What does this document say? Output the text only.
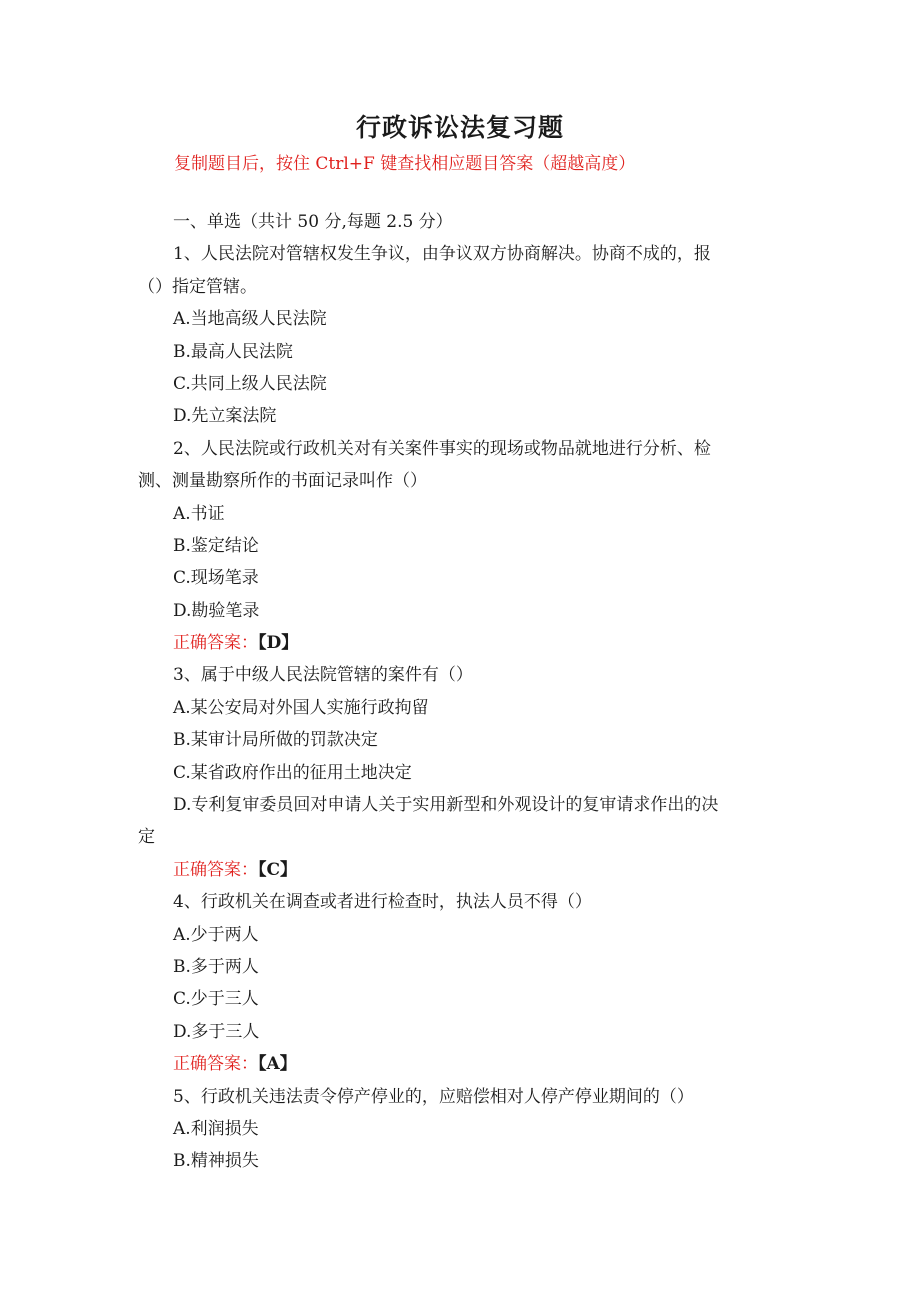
行政诉讼法复习题
复制题目后，按住 Ctrl+F 键查找相应题目答案（超越高度）
一、单选（共计 50 分,每题 2.5 分）
1、人民法院对管辖权发生争议，由争议双方协商解决。协商不成的，报
（）指定管辖。
A.当地高级人民法院
B.最高人民法院
C.共同上级人民法院
D.先立案法院
2、人民法院或行政机关对有关案件事实的现场或物品就地进行分析、检
测、测量勘察所作的书面记录叫作（）
A.书证
B.鉴定结论
C.现场笔录
D.勘验笔录
正确答案：【D】
3、属于中级人民法院管辖的案件有（）
A.某公安局对外国人实施行政拘留
B.某审计局所做的罚款决定
C.某省政府作出的征用土地决定
D.专利复审委员回对申请人关于实用新型和外观设计的复审请求作出的决
定
正确答案：【C】
4、行政机关在调查或者进行检查时，执法人员不得（）
A.少于两人
B.多于两人
C.少于三人
D.多于三人
正确答案：【A】
5、行政机关违法责令停产停业的，应赔偿相对人停产停业期间的（）
A.利润损失
B.精神损失
